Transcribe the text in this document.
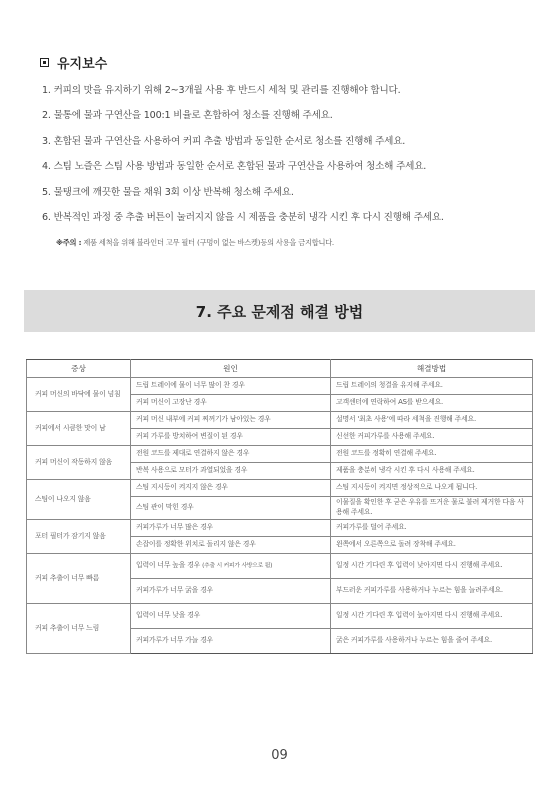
유지보수
1. 커피의 맛을 유지하기 위해 2~3개월 사용 후 반드시 세척 및 관리를 진행해야 합니다.
2. 물통에 물과 구연산을 100:1 비율로 혼합하여 청소를 진행해 주세요.
3. 혼합된 물과 구연산을 사용하여 커피 추출 방법과 동일한 순서로 청소를 진행해 주세요.
4. 스팀 노즐은 스팀 사용 방법과 동일한 순서로 혼합된 물과 구연산을 사용하여 청소해 주세요.
5. 물탱크에 깨끗한 물을 채워 3회 이상 반복해 청소해 주세요.
6. 반복적인 과정 중 추출 버튼이 눌러지지 않을 시 제품을 충분히 냉각 시킨 후 다시 진행해 주세요.
※주의 : 제품 세척을 위해 블라인더 고무 필터 (구멍이 없는 바스켓)등의 사용을 금지합니다.
7. 주요 문제점 해결 방법
증상	원인	해결방법
커피 머신의 바닥에 물이 넘침	드립 트레이에 물이 너무 많이 찬 경우	드립 트레이의 청결을 유지해 주세요.
	커피 머신이 고장난 경우	고객센터에 연락하여 AS를 받으세요.
커피에서 시큼한 맛이 남	커피 머신 내부에 커피 찌꺼기가 남아있는 경우	설명서 '최초 사용'에 따라 세척을 진행해 주세요.
	커피 가루를 방치하여 변질이 된 경우	신선한 커피가루를 사용해 주세요.
커피 머신이 작동하지 않음	전원 코드를 제대로 연결하지 않은 경우	전원 코드를 정확히 연결해 주세요.
	반복 사용으로 모터가 과열되었을 경우	제품을 충분히 냉각 시킨 후 다시 사용해 주세요.
스팀이 나오지 않음	스팀 지시등이 켜지지 않은 경우	스팀 지시등이 켜지면 정상적으로 나오게 됩니다.
	스팀 관이 막힌 경우	이물질을 확인한 후 굳은 우유를 뜨거운 물로 불려 제거한 다음 사용해 주세요.
포터 필터가 잠기지 않음	커피가루가 너무 많은 경우	커피가루를 덜어 주세요.
	손잡이를 정확한 위치로 돌리지 않은 경우	왼쪽에서 오른쪽으로 돌려 장착해 주세요.
커피 추출이 너무 빠름	입력이 너무 높을 경우 (추출 시 커피가 사방으로 튐)	일정 시간 기다린 후 입력이 낮아지면 다시 진행해 주세요.
	커피가루가 너무 굵을 경우	부드러운 커피가루를 사용하거나 누르는 힘을 늘려주세요.
커피 추출이 너무 느림	입력이 너무 낮을 경우	일정 시간 기다린 후 입력이 높아지면 다시 진행해 주세요.
	커피가루가 너무 가늘 경우	굵은 커피가루를 사용하거나 누르는 힘을 줄여 주세요.
09
